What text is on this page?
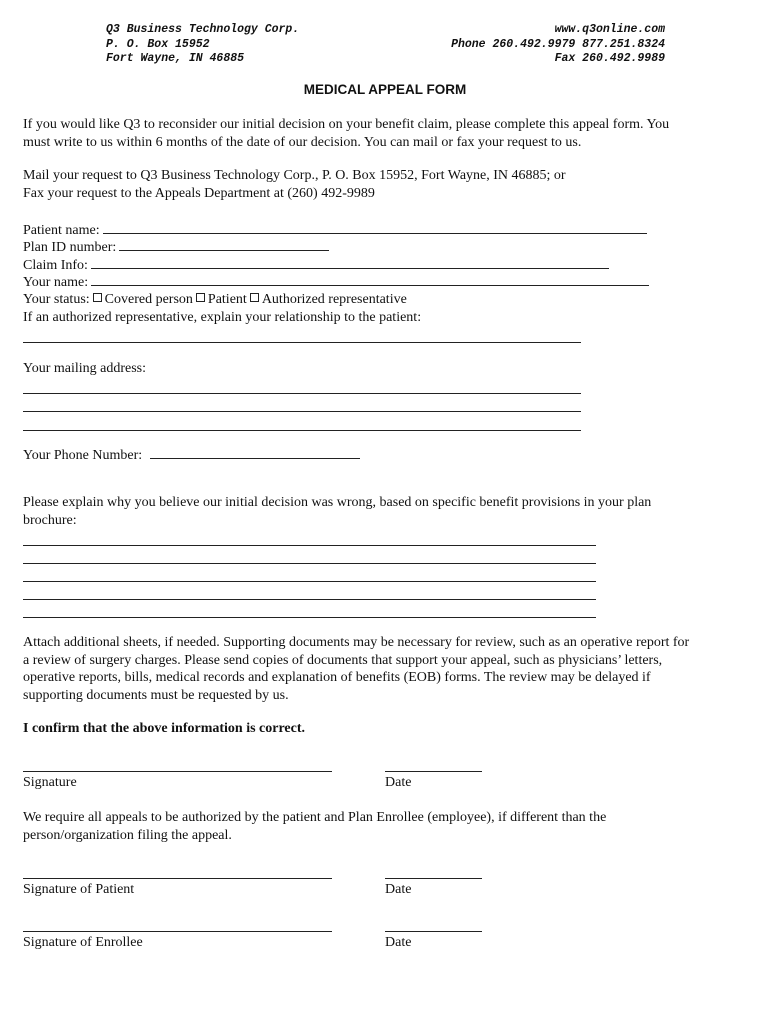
Q3 Business Technology Corp.
P. O. Box 15952
Fort Wayne, IN 46885
www.q3online.com
Phone 260.492.9979 877.251.8324
Fax 260.492.9989
MEDICAL APPEAL FORM
If you would like Q3 to reconsider our initial decision on your benefit claim, please complete this appeal form. You
must write to us within 6 months of the date of our decision. You can mail or fax your request to us.
Mail your request to Q3 Business Technology Corp., P. O. Box 15952, Fort Wayne, IN 46885; or
Fax your request to the Appeals Department at (260) 492-9989
Patient name:
Plan ID number:
Claim Info:
Your name:
Your status: Covered person Patient Authorized representative
If an authorized representative, explain your relationship to the patient:
Your mailing address:
Your Phone Number:
Please explain why you believe our initial decision was wrong, based on specific benefit provisions in your plan
brochure:
Attach additional sheets, if needed. Supporting documents may be necessary for review, such as an operative report for
a review of surgery charges. Please send copies of documents that support your appeal, such as physicians’ letters,
operative reports, bills, medical records and explanation of benefits (EOB) forms. The review may be delayed if
supporting documents must be requested by us.
I confirm that the above information is correct.
Signature	Date
We require all appeals to be authorized by the patient and Plan Enrollee (employee), if different than the
person/organization filing the appeal.
Signature of Patient	Date
Signature of Enrollee	Date
